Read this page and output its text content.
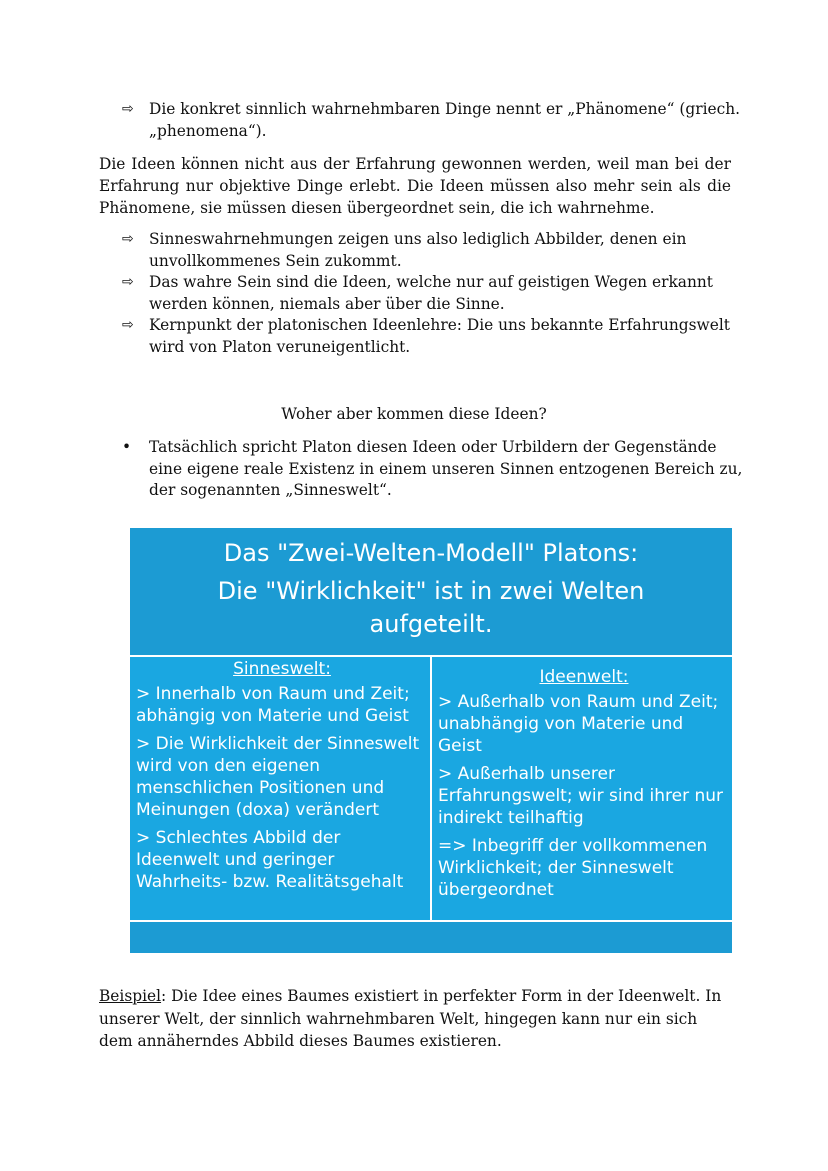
⇨ Die konkret sinnlich wahrnehmbaren Dinge nennt er „Phänomene“ (griech. „phenomena“).

Die Ideen können nicht aus der Erfahrung gewonnen werden, weil man bei der Erfahrung nur objektive Dinge erlebt. Die Ideen müssen also mehr sein als die Phänomene, sie müssen diesen übergeordnet sein, die ich wahrnehme.

⇨ Sinneswahrnehmungen zeigen uns also lediglich Abbilder, denen ein unvollkommenes Sein zukommt.

⇨ Das wahre Sein sind die Ideen, welche nur auf geistigen Wegen erkannt werden können, niemals aber über die Sinne.

⇨ Kernpunkt der platonischen Ideenlehre: Die uns bekannte Erfahrungswelt wird von Platon veruneigentlicht.

Woher aber kommen diese Ideen?
• Tatsächlich spricht Platon diesen Ideen oder Urbildern der Gegenstände eine eigene reale Existenz in einem unseren Sinnen entzogenen Bereich zu, der sogenannten „Sinneswelt“.
Das "Zwei-Welten-Modell" Platons:
Die "Wirklichkeit" ist in zwei Welten aufgeteilt.
Sinneswelt:
> Innerhalb von Raum und Zeit; abhängig von Materie und Geist
> Die Wirklichkeit der Sinneswelt wird von den eigenen menschlichen Positionen und Meinungen (doxa) verändert
> Schlechtes Abbild der Ideenwelt und geringer Wahrheits- bzw. Realitätsgehalt
Ideenwelt:
> Außerhalb von Raum und Zeit; unabhängig von Materie und Geist
> Außerhalb unserer Erfahrungswelt; wir sind ihrer nur indirekt teilhaftig
=> Inbegriff der vollkommenen Wirklichkeit; der Sinneswelt übergeordnet

Beispiel: Die Idee eines Baumes existiert in perfekter Form in der Ideenwelt. In unserer Welt, der sinnlich wahrnehmbaren Welt, hingegen kann nur ein sich dem annäherndes Abbild dieses Baumes existieren.
